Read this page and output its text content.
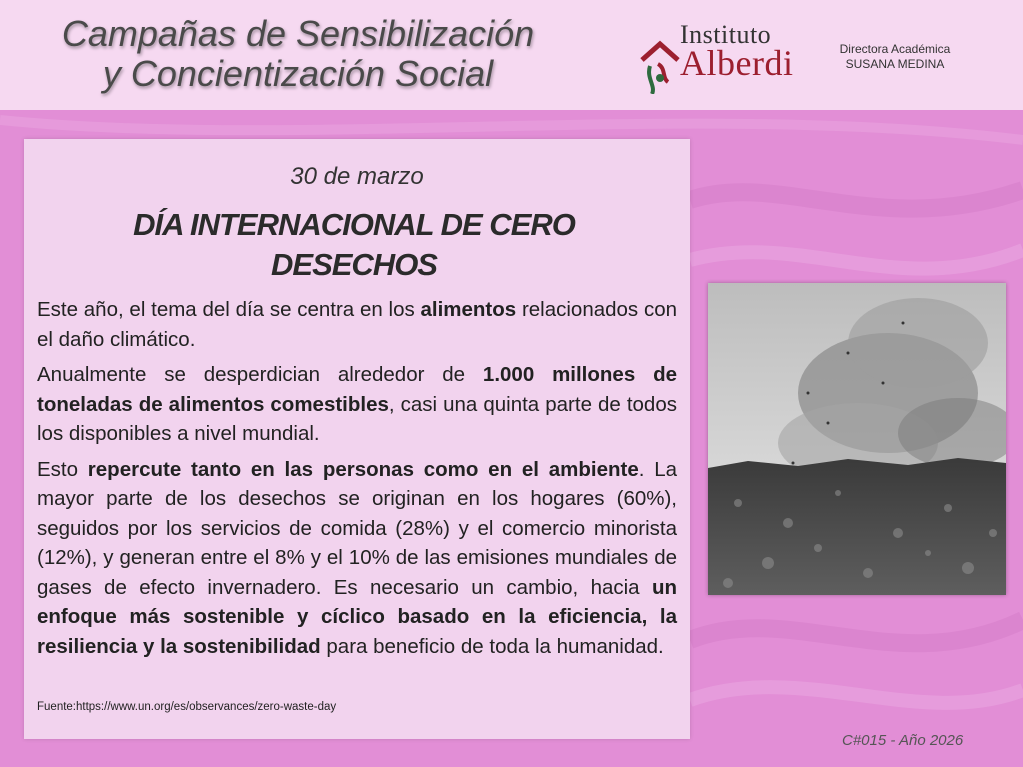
Campañas de Sensibilización
y Concientización Social
Instituto
Alberdi	Directora Académica
SUSANA MEDINA
30 de marzo
DÍA INTERNACIONAL DE CERO
DESECHOS

Este año, el tema del día se centra en los alimentos relacionados con el daño climático.

Anualmente se desperdician alrededor de 1.000 millones de toneladas de alimentos comestibles, casi una quinta parte de todos los disponibles a nivel mundial.

Esto repercute tanto en las personas como en el ambiente. La mayor parte de los desechos se originan en los hogares (60%), seguidos por los servicios de comida (28%) y el comercio minorista (12%), y generan entre el 8% y el 10% de las emisiones mundiales de gases de efecto invernadero. Es necesario un cambio, hacia un enfoque más sostenible y cíclico basado en la eficiencia, la resiliencia y la sostenibilidad para beneficio de toda la humanidad.

Fuente:https://www.un.org/es/observances/zero-waste-day
C#015 - Año 2026
